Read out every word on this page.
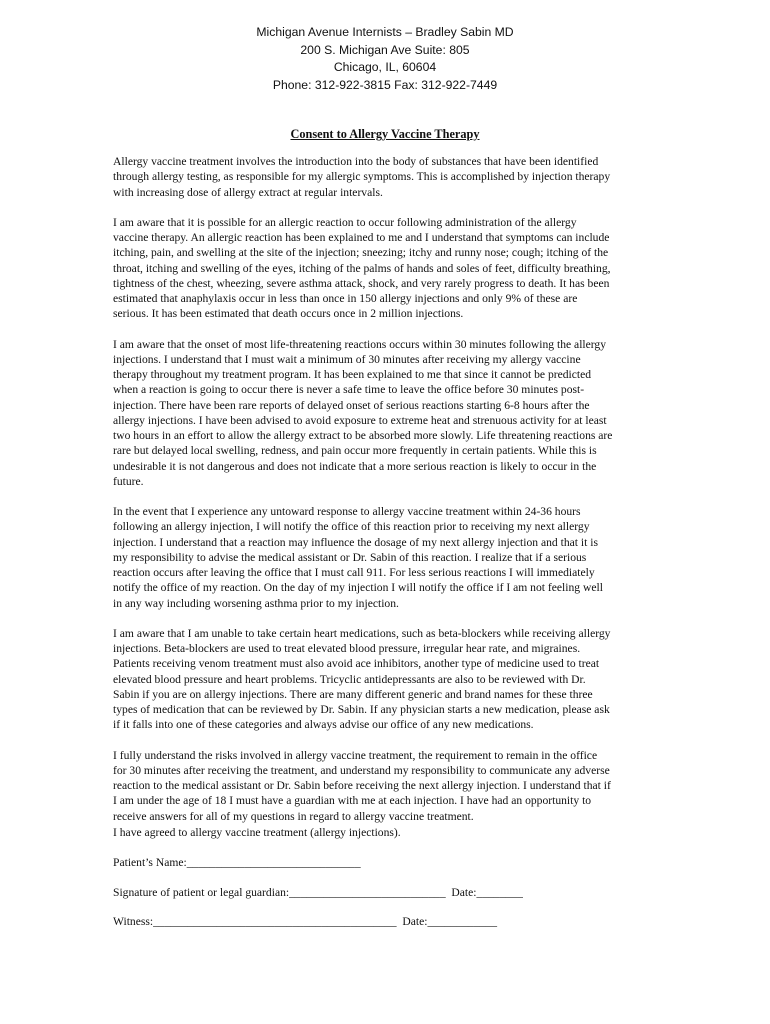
Michigan Avenue Internists – Bradley Sabin MD
200 S. Michigan Ave Suite: 805
Chicago, IL, 60604
Phone: 312-922-3815 Fax: 312-922-7449
Consent to Allergy Vaccine Therapy

Allergy vaccine treatment involves the introduction into the body of substances that have been identified
through allergy testing, as responsible for my allergic symptoms. This is accomplished by injection therapy
with increasing dose of allergy extract at regular intervals.

I am aware that it is possible for an allergic reaction to occur following administration of the allergy
vaccine therapy. An allergic reaction has been explained to me and I understand that symptoms can include
itching, pain, and swelling at the site of the injection; sneezing; itchy and runny nose; cough; itching of the
throat, itching and swelling of the eyes, itching of the palms of hands and soles of feet, difficulty breathing,
tightness of the chest, wheezing, severe asthma attack, shock, and very rarely progress to death. It has been
estimated that anaphylaxis occur in less than once in 150 allergy injections and only 9% of these are
serious. It has been estimated that death occurs once in 2 million injections.

I am aware that the onset of most life-threatening reactions occurs within 30 minutes following the allergy
injections. I understand that I must wait a minimum of 30 minutes after receiving my allergy vaccine
therapy throughout my treatment program. It has been explained to me that since it cannot be predicted
when a reaction is going to occur there is never a safe time to leave the office before 30 minutes post-
injection. There have been rare reports of delayed onset of serious reactions starting 6-8 hours after the
allergy injections. I have been advised to avoid exposure to extreme heat and strenuous activity for at least
two hours in an effort to allow the allergy extract to be absorbed more slowly. Life threatening reactions are
rare but delayed local swelling, redness, and pain occur more frequently in certain patients. While this is
undesirable it is not dangerous and does not indicate that a more serious reaction is likely to occur in the
future.

In the event that I experience any untoward response to allergy vaccine treatment within 24-36 hours
following an allergy injection, I will notify the office of this reaction prior to receiving my next allergy
injection. I understand that a reaction may influence the dosage of my next allergy injection and that it is
my responsibility to advise the medical assistant or Dr. Sabin of this reaction. I realize that if a serious
reaction occurs after leaving the office that I must call 911. For less serious reactions I will immediately
notify the office of my reaction. On the day of my injection I will notify the office if I am not feeling well
in any way including worsening asthma prior to my injection.

I am aware that I am unable to take certain heart medications, such as beta-blockers while receiving allergy
injections. Beta-blockers are used to treat elevated blood pressure, irregular hear rate, and migraines.
Patients receiving venom treatment must also avoid ace inhibitors, another type of medicine used to treat
elevated blood pressure and heart problems. Tricyclic antidepressants are also to be reviewed with Dr.
Sabin if you are on allergy injections. There are many different generic and brand names for these three
types of medication that can be reviewed by Dr. Sabin. If any physician starts a new medication, please ask
if it falls into one of these categories and always advise our office of any new medications.

I fully understand the risks involved in allergy vaccine treatment, the requirement to remain in the office
for 30 minutes after receiving the treatment, and understand my responsibility to communicate any adverse
reaction to the medical assistant or Dr. Sabin before receiving the next allergy injection. I understand that if
I am under the age of 18 I must have a guardian with me at each injection. I have had an opportunity to
receive answers for all of my questions in regard to allergy vaccine treatment.

I have agreed to allergy vaccine treatment (allergy injections).
Patient’s Name:______________________________
Signature of patient or legal guardian:___________________________  Date:________
Witness:__________________________________________  Date:____________
